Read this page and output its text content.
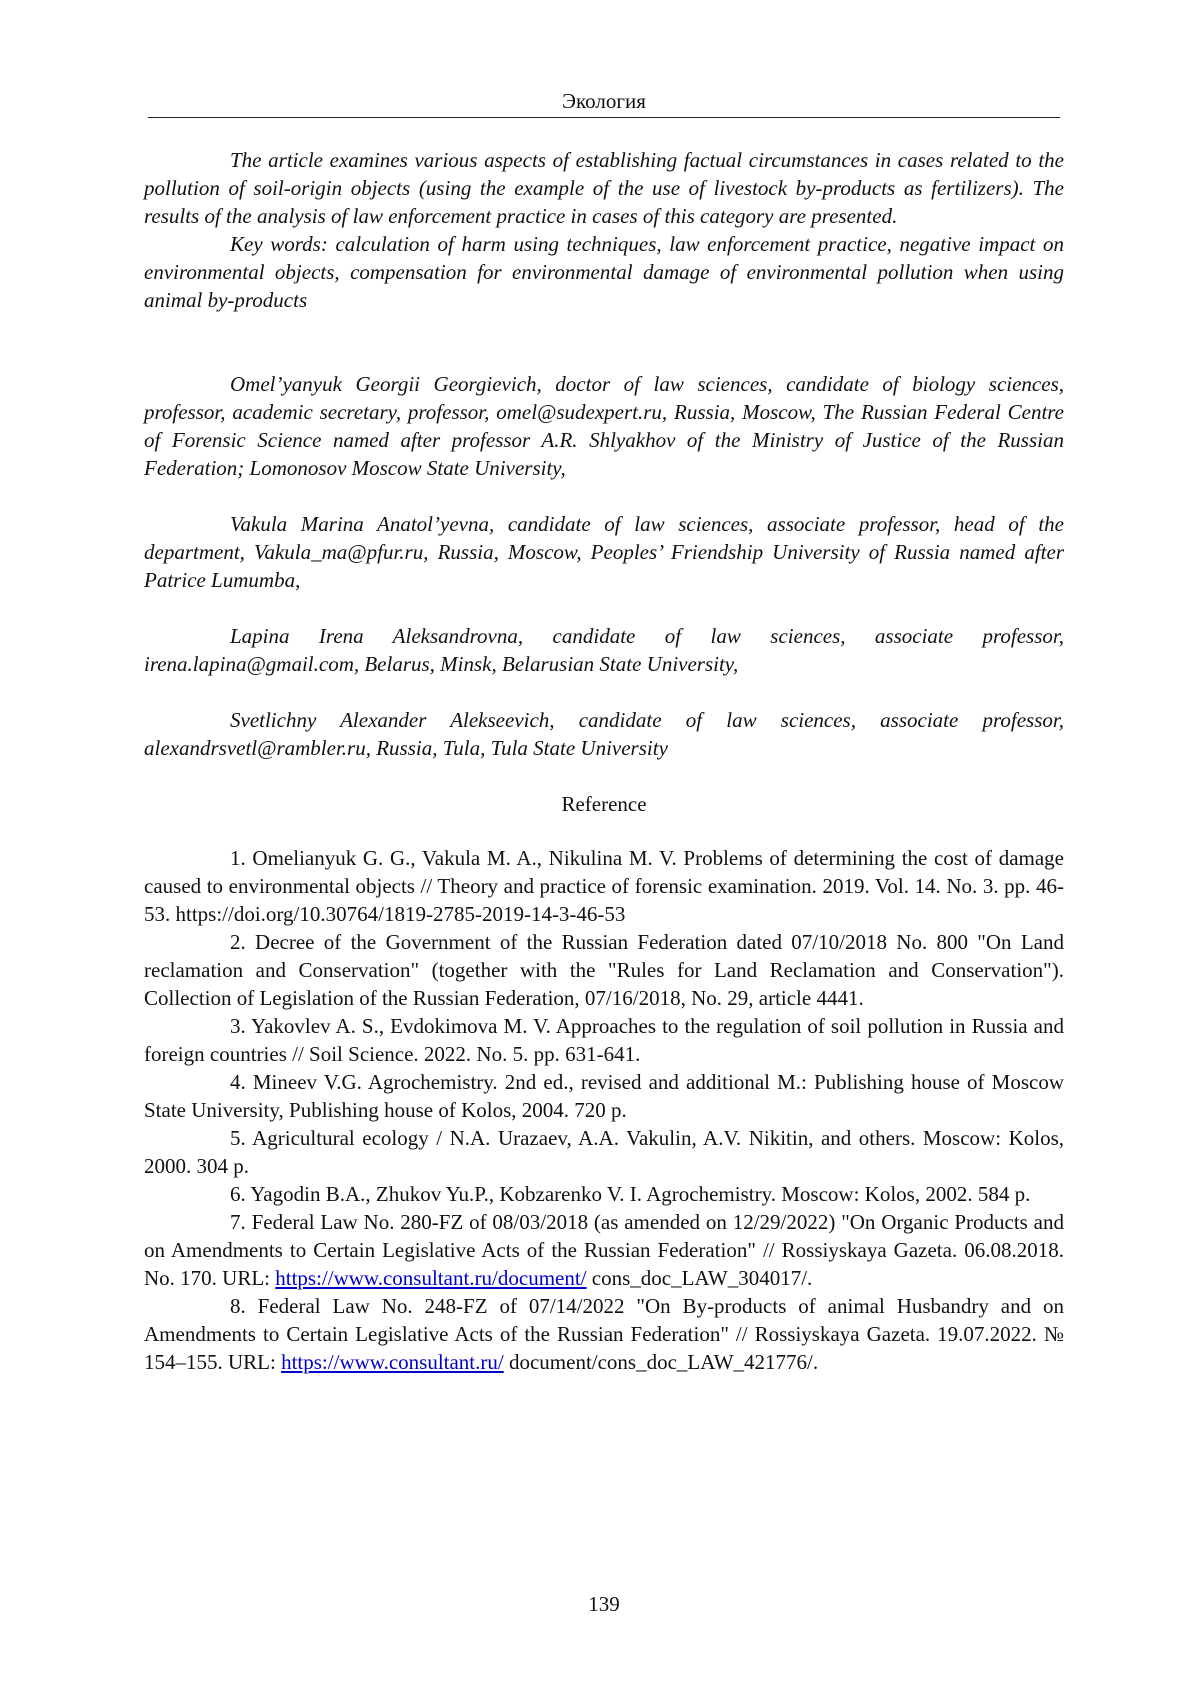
Экология

The article examines various aspects of establishing factual circumstances in cases related to the pollution of soil-origin objects (using the example of the use of livestock by-products as fertilizers). The results of the analysis of law enforcement practice in cases of this category are presented.

Key words: calculation of harm using techniques, law enforcement practice, negative impact on environmental objects, compensation for environmental damage of environmental pollution when using animal by-products

Omel’yanyuk Georgii Georgievich, doctor of law sciences, candidate of biology sciences, professor, academic secretary, professor, omel@sudexpert.ru, Russia, Moscow, The Russian Federal Centre of Forensic Science named after professor A.R. Shlyakhov of the Ministry of Justice of the Russian Federation; Lomonosov Moscow State University,

Vakula Marina Anatol’yevna, candidate of law sciences, associate professor, head of the department, Vakula_ma@pfur.ru, Russia, Moscow, Peoples’ Friendship University of Russia named after Patrice Lumumba,

Lapina Irena Aleksandrovna, candidate of law sciences, associate professor, irena.lapina@gmail.com, Belarus, Minsk, Belarusian State University,

Svetlichny Alexander Alekseevich, candidate of law sciences, associate professor, alexandrsvetl@rambler.ru, Russia, Tula, Tula State University

Reference

1. Omelianyuk G. G., Vakula M. A., Nikulina M. V. Problems of determining the cost of damage caused to environmental objects // Theory and practice of forensic examination. 2019. Vol. 14. No. 3. pp. 46-53. https://doi.org/10.30764/1819-2785-2019-14-3-46-53

2. Decree of the Government of the Russian Federation dated 07/10/2018 No. 800 "On Land reclamation and Conservation" (together with the "Rules for Land Reclamation and Conservation"). Collection of Legislation of the Russian Federation, 07/16/2018, No. 29, article 4441.

3. Yakovlev A. S., Evdokimova M. V. Approaches to the regulation of soil pollution in Russia and foreign countries // Soil Science. 2022. No. 5. pp. 631-641.

4. Mineev V.G. Agrochemistry. 2nd ed., revised and additional M.: Publishing house of Moscow State University, Publishing house of Kolos, 2004. 720 p.

5. Agricultural ecology / N.A. Urazaev, A.A. Vakulin, A.V. Nikitin, and others. Moscow: Kolos, 2000. 304 p.

6. Yagodin B.A., Zhukov Yu.P., Kobzarenko V. I. Agrochemistry. Moscow: Kolos, 2002. 584 p.

7. Federal Law No. 280-FZ of 08/03/2018 (as amended on 12/29/2022) "On Organic Products and on Amendments to Certain Legislative Acts of the Russian Federation" // Rossiyskaya Gazeta. 06.08.2018. No. 170. URL: https://www.consultant.ru/document/ cons_doc_LAW_304017/.

8. Federal Law No. 248-FZ of 07/14/2022 "On By-products of animal Husbandry and on Amendments to Certain Legislative Acts of the Russian Federation" // Rossiyskaya Gazeta. 19.07.2022. № 154–155. URL: https://www.consultant.ru/ document/cons_doc_LAW_421776/.

139
